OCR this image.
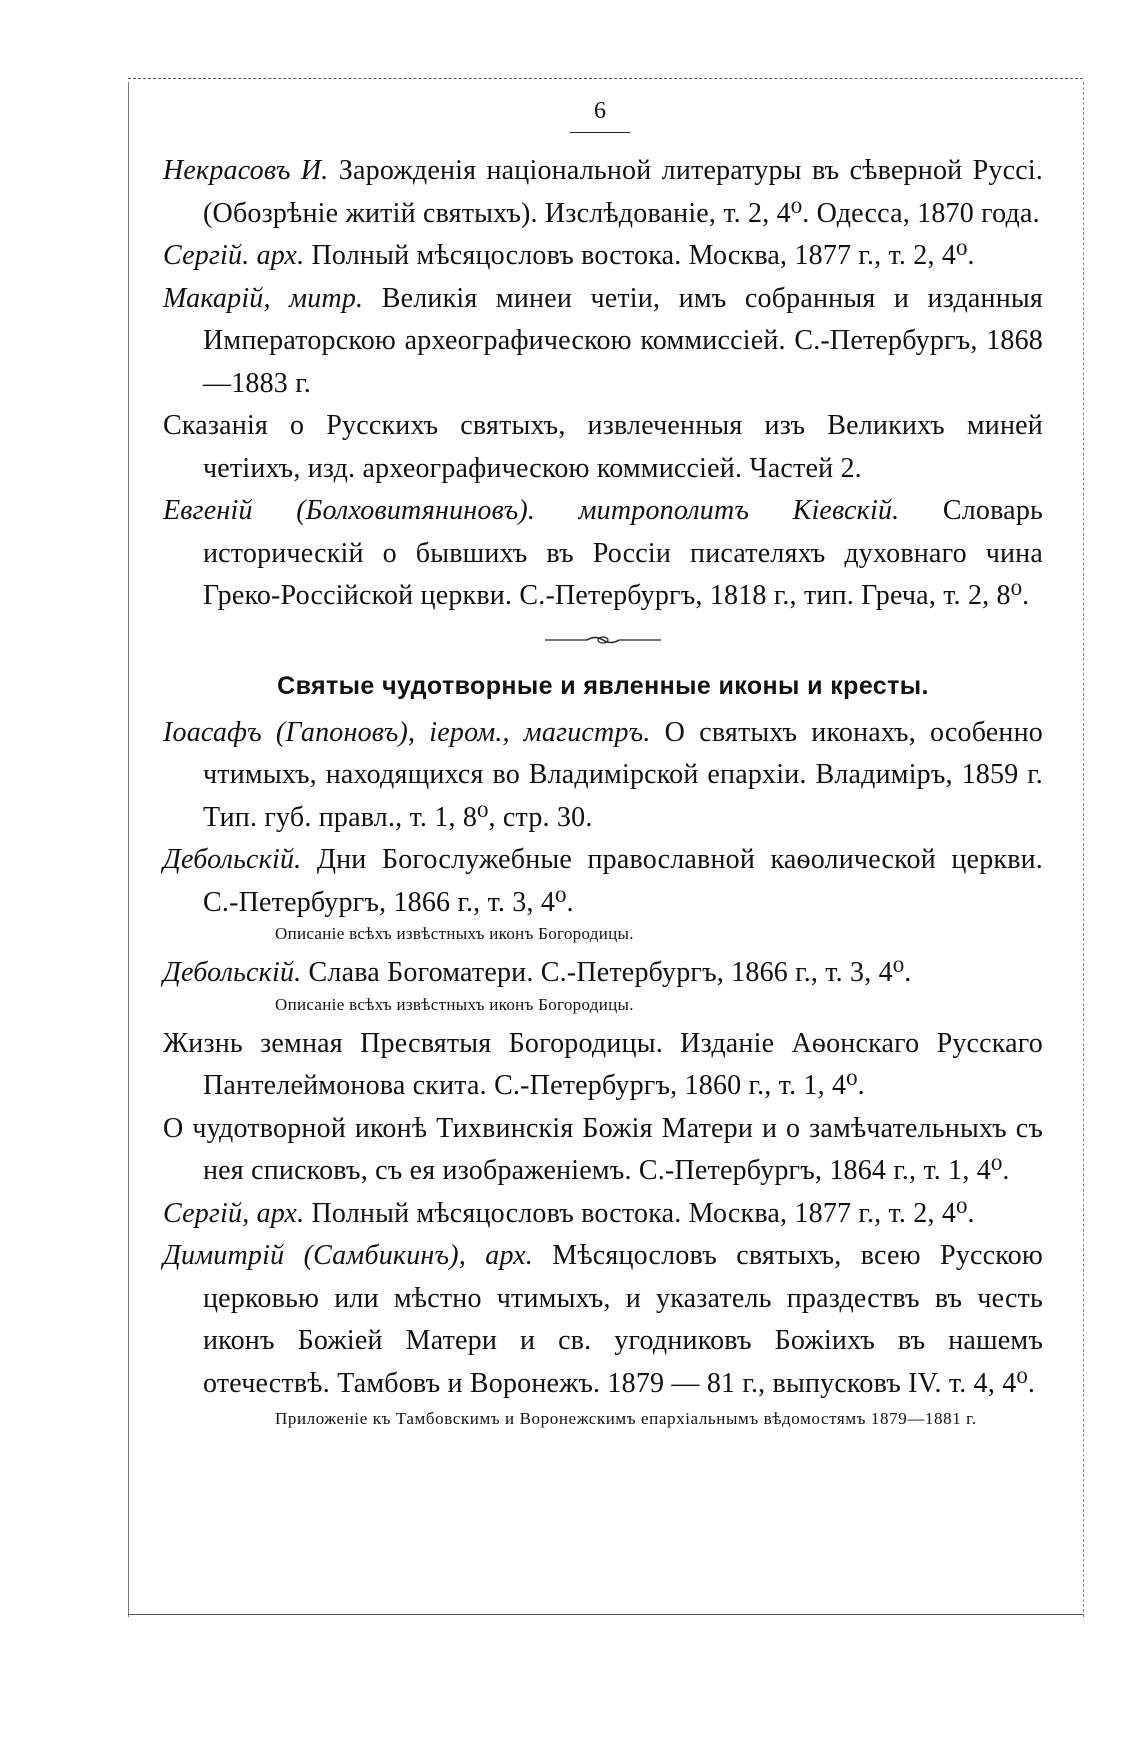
6

Некрасовъ И. Зарожденія національной литературы въ сѣверной Руссi. (Обозрѣніе житій святыхъ). Изслѣдованіе, т. 2, 4⁰. Одесса, 1870 года.

Сергій. арх. Полный мѣсяцословъ востока. Москва, 1877 г., т. 2, 4⁰.

Макарій, митр. Великія минеи четіи, имъ собранныя и изданныя Императорскою археографическою коммиссіей. С.-Петербургъ, 1868—1883 г.

Сказанія о Русскихъ святыхъ, извлеченныя изъ Великихъ миней четіихъ, изд. археографическою коммиссіей. Частей 2.

Евгеній (Болховитяниновъ). митрополитъ Кіевскій. Словарь историческій о бывшихъ въ Россіи писателяхъ духовнаго чина Греко-Россійской церкви. С.-Петербургъ, 1818 г., тип. Греча, т. 2, 8⁰.

Святые чудотворные и явленные иконы и кресты.

Іоасафъ (Гапоновъ), іером., магистръ. О святыхъ иконахъ, особенно чтимыхъ, находящихся во Владимірской епархіи. Владиміръ, 1859 г. Тип. губ. правл., т. 1, 8⁰, стр. 30.

Дебольскій. Дни Богослужебные православной каѳолической церкви. С.-Петербургъ, 1866 г., т. 3, 4⁰.

Описаніе всѣхъ извѣстныхъ иконъ Богородицы.

Дебольскій. Слава Богоматери. С.-Петербургъ, 1866 г., т. 3, 4⁰.

Описаніе всѣхъ извѣстныхъ иконъ Богородицы.

Жизнь земная Пресвятыя Богородицы. Изданіе Аѳонскаго Русскаго Пантелеймонова скита. С.-Петербургъ, 1860 г., т. 1, 4⁰.

О чудотворной иконѣ Тихвинскія Божія Матери и о замѣчательныхъ съ нея списковъ, съ ея изображеніемъ. С.-Петербургъ, 1864 г., т. 1, 4⁰.

Сергій, арх. Полный мѣсяцословъ востока. Москва, 1877 г., т. 2, 4⁰.

Димитрій (Самбикинъ), арх. Мѣсяцословъ святыхъ, всею Русскою церковью или мѣстно чтимыхъ, и указатель праздествъ въ честь иконъ Божіей Матери и св. угодниковъ Божіихъ въ нашемъ отечествѣ. Тамбовъ и Воронежъ. 1879 — 81 г., выпусковъ IV. т. 4, 4⁰.

Приложеніе къ Тамбовскимъ и Воронежскимъ епархіальнымъ вѣдомостямъ 1879—1881 г.
